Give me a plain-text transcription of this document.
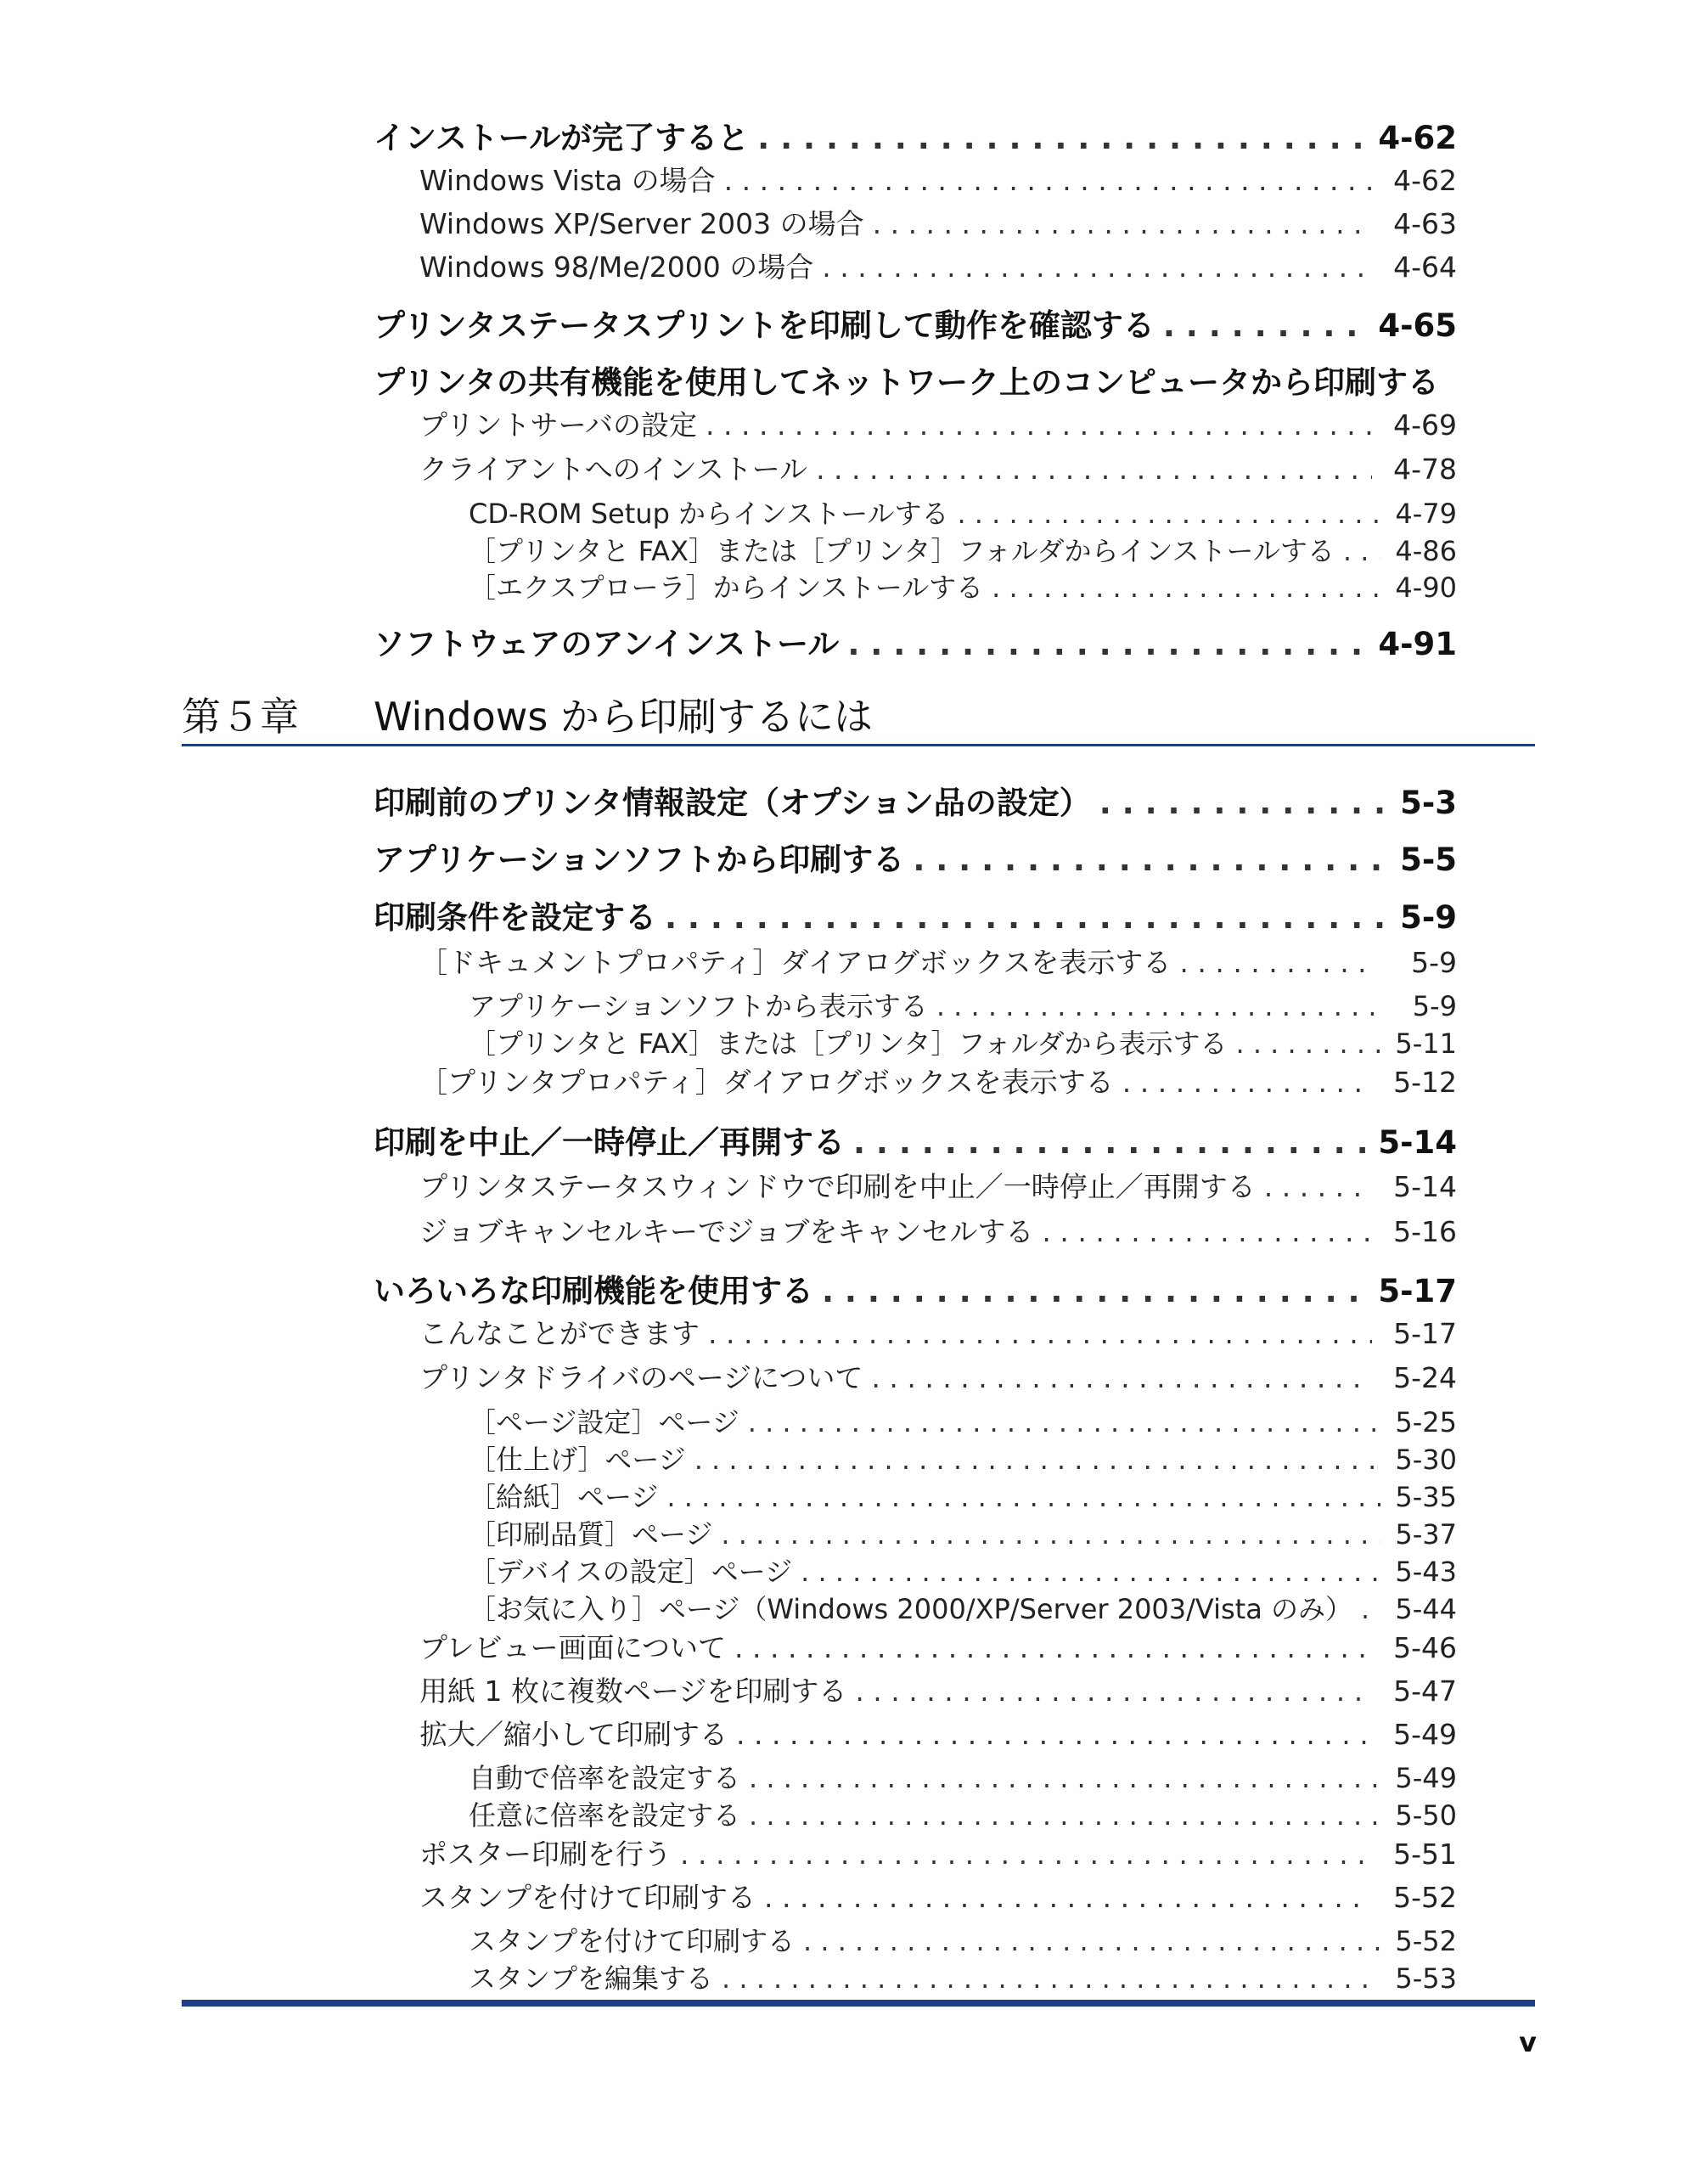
インストールが完了すると . . .	4-62
Windows Vista の場合 . . .	4-62
Windows XP/Server 2003 の場合 . . .	4-63
Windows 98/Me/2000 の場合 . . .	4-64
プリンタステータスプリントを印刷して動作を確認する . . .	4-65
プリンタの共有機能を使用してネットワーク上のコンピュータから印刷する
プリントサーバの設定 . . .	4-69
クライアントへのインストール . . .	4-78
CD-ROM Setup からインストールする . . .	4-79
［プリンタと FAX］または［プリンタ］フォルダからインストールする . . . 4-86
［エクスプローラ］からインストールする . . .	4-90
ソフトウェアのアンインストール . . .	4-91
第５章 Windows から印刷するには
印刷前のプリンタ情報設定（オプション品の設定） . . .	5-3
アプリケーションソフトから印刷する . . .	5-5
印刷条件を設定する . . .	5-9
［ドキュメントプロパティ］ダイアログボックスを表示する . . .	5-9
アプリケーションソフトから表示する . . .	5-9
［プリンタと FAX］または［プリンタ］フォルダから表示する . . .	5-11
［プリンタプロパティ］ダイアログボックスを表示する . . .	5-12
印刷を中止／一時停止／再開する . . .	5-14
プリンタステータスウィンドウで印刷を中止／一時停止／再開する . . .	5-14
ジョブキャンセルキーでジョブをキャンセルする . . .	5-16
いろいろな印刷機能を使用する . . .	5-17
こんなことができます . . .	5-17
プリンタドライバのページについて . . .	5-24
［ページ設定］ページ . . .	5-25
［仕上げ］ページ . . .	5-30
［給紙］ページ . . .	5-35
［印刷品質］ページ . . .	5-37
［デバイスの設定］ページ . . .	5-43
［お気に入り］ページ（Windows 2000/XP/Server 2003/Vista のみ） . . . 5-44
プレビュー画面について . . .	5-46
用紙 1 枚に複数ページを印刷する . . .	5-47
拡大／縮小して印刷する . . .	5-49
自動で倍率を設定する . . .	5-49
任意に倍率を設定する . . .	5-50
ポスター印刷を行う . . .	5-51
スタンプを付けて印刷する . . .	5-52
スタンプを付けて印刷する . . .	5-52
スタンプを編集する . . .	5-53
v
